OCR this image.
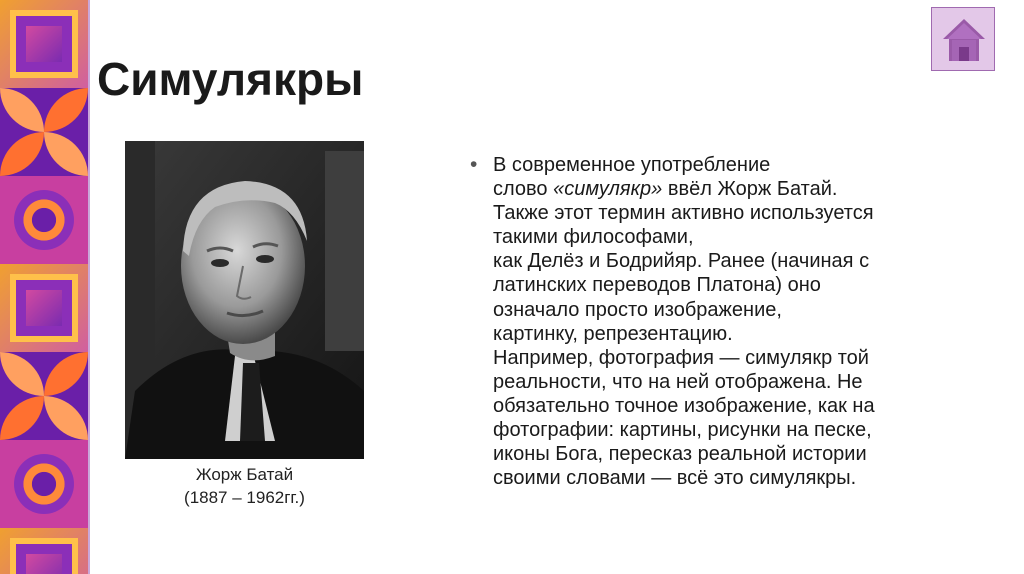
Симулякры
Жорж Батай
(1887 – 1962гг.)
• В современное употребление
слово «симулякр» ввёл Жорж Батай.
Также этот термин активно используется
такими философами,
как Делёз и Бодрийяр. Ранее (начиная с
латинских переводов Платона) оно
означало просто изображение,
картинку, репрезентацию.
Например, фотография — симулякр той
реальности, что на ней отображена. Не
обязательно точное изображение, как на
фотографии: картины, рисунки на песке,
иконы Бога, пересказ реальной истории
своими словами — всё это симулякры.
